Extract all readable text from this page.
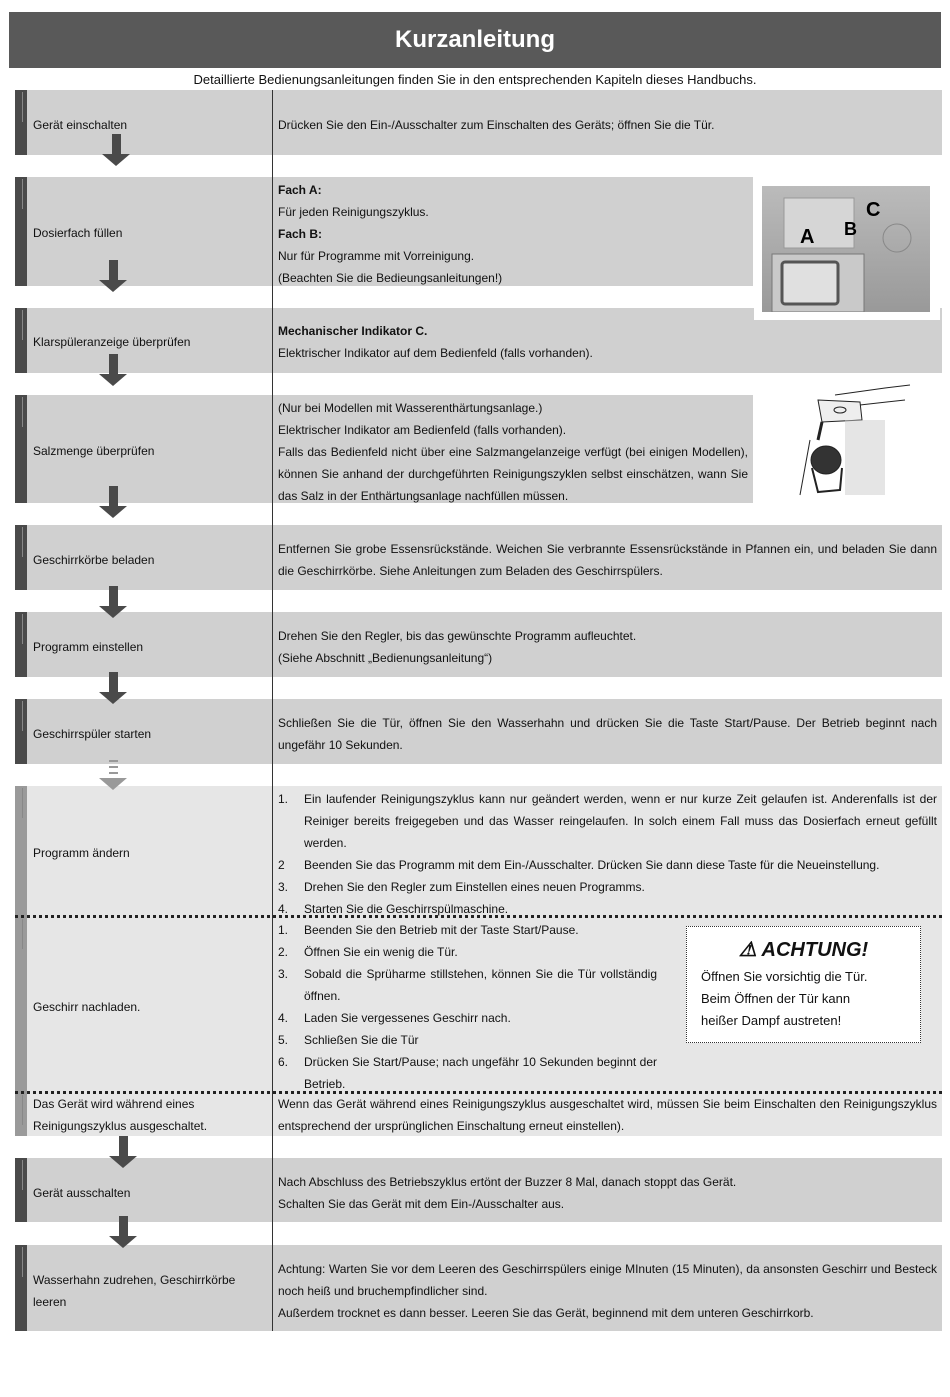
Kurzanleitung
Detaillierte Bedienungsanleitungen finden Sie in den entsprechenden Kapiteln dieses Handbuchs.
Gerät einschalten	Drücken Sie den Ein-/Ausschalter zum Einschalten des Geräts; öffnen Sie die Tür.
Dosierfach füllen
Fach A:
Für jeden Reinigungszyklus.
Fach B:
Nur für Programme mit Vorreinigung.
(Beachten Sie die Bedieungsanleitungen!)
Klarspüleranzeige überprüfen
Mechanischer Indikator C.
Elektrischer Indikator auf dem Bedienfeld (falls vorhanden).
A B
C
Salzmenge überprüfen
(Nur bei Modellen mit Wasserenthärtungsanlage.)
Elektrischer Indikator am Bedienfeld (falls vorhanden).
Falls das Bedienfeld nicht über eine Salzmangelanzeige verfügt (bei einigen Modellen), können Sie anhand der durchgeführten Reinigungszyklen selbst einschätzen, wann Sie das Salz in der Enthärtungsanlage nachfüllen müssen.
Geschirrkörbe beladen
Entfernen Sie grobe Essensrückstände. Weichen Sie verbrannte Essensrückstände in Pfannen ein, und beladen Sie dann die Geschirrkörbe. Siehe Anleitungen zum Beladen des Geschirrspülers.
Programm einstellen
Drehen Sie den Regler, bis das gewünschte Programm aufleuchtet.
(Siehe Abschnitt „Bedienungsanleitung“)
Geschirrspüler starten
Schließen Sie die Tür, öffnen Sie den Wasserhahn und drücken Sie die Taste Start/Pause. Der Betrieb beginnt nach ungefähr 10 Sekunden.
Programm ändern
1. Ein laufender Reinigungszyklus kann nur geändert werden, wenn er nur kurze Zeit gelaufen ist. Anderenfalls ist der Reiniger bereits freigegeben und das Wasser reingelaufen. In solch einem Fall muss das Dosierfach erneut gefüllt werden.
2 Beenden Sie das Programm mit dem Ein-/Ausschalter. Drücken Sie dann diese Taste für die Neueinstellung.
3. Drehen Sie den Regler zum Einstellen eines neuen Programms.
4. Starten Sie die Geschirrspülmaschine.
Geschirr nachladen.
1. Beenden Sie den Betrieb mit der Taste Start/Pause.
2. Öffnen Sie ein wenig die Tür.
3. Sobald die Sprüharme stillstehen, können Sie die Tür vollständig öffnen.
4. Laden Sie vergessenes Geschirr nach.
5. Schließen Sie die Tür
6. Drücken Sie Start/Pause; nach ungefähr 10 Sekunden beginnt der Betrieb.
⚠ ACHTUNG!

Öffnen Sie vorsichtig die Tür.

Beim Öffnen der Tür kann

heißer Dampf austreten!

Das Gerät wird während eines Reinigungszyklus ausgeschaltet.
Wenn das Gerät während eines Reinigungszyklus ausgeschaltet wird, müssen Sie beim Einschalten den Reinigungszyklus entsprechend der ursprünglichen Einschaltung erneut einstellen).
Gerät ausschalten
Nach Abschluss des Betriebszyklus ertönt der Buzzer 8 Mal, danach stoppt das Gerät.
Schalten Sie das Gerät mit dem Ein-/Ausschalter aus.
Wasserhahn zudrehen, Geschirrkörbe leeren
Achtung: Warten Sie vor dem Leeren des Geschirrspülers einige MInuten (15 Minuten), da ansonsten Geschirr und Besteck noch heiß und bruchempfindlicher sind.
Außerdem trocknet es dann besser. Leeren Sie das Gerät, beginnend mit dem unteren Geschirrkorb.
